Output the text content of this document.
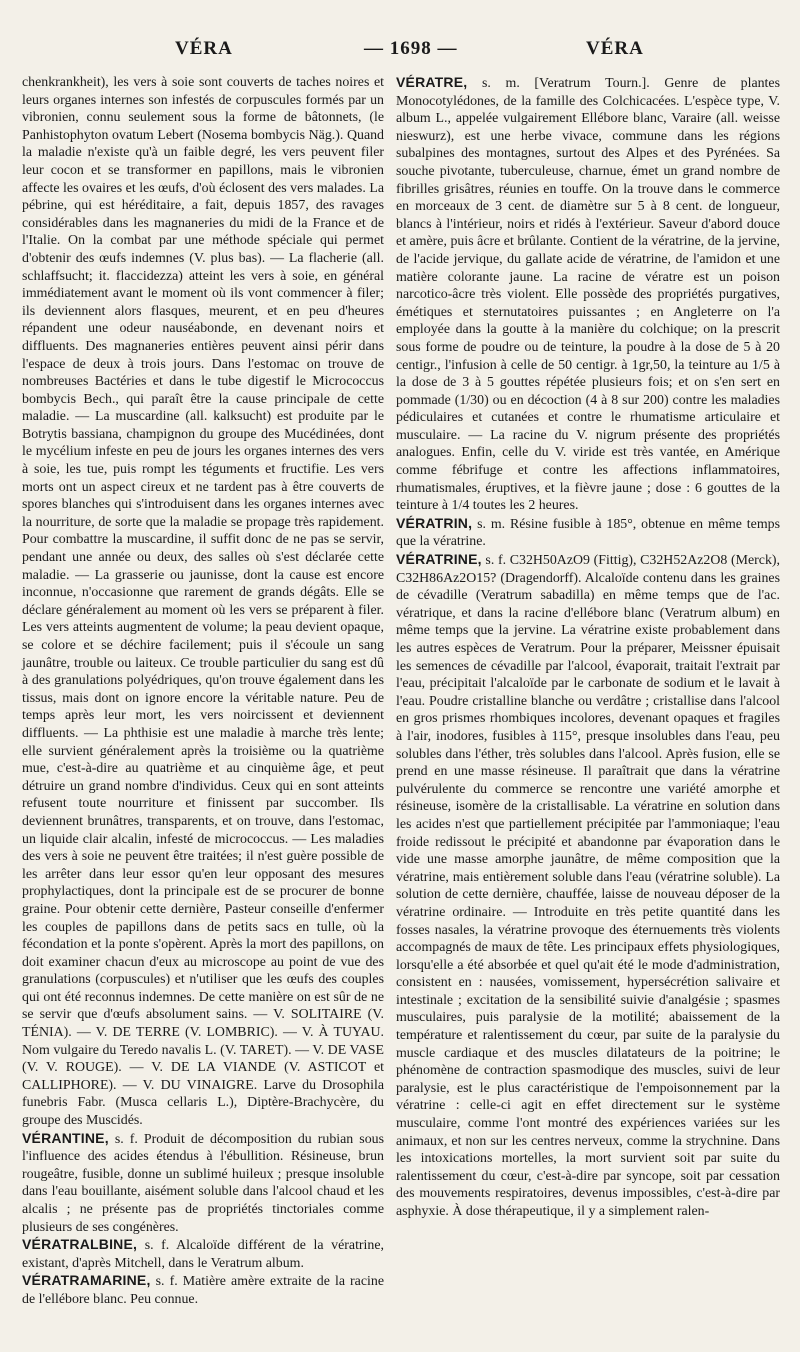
VÉRA	— 1698 —	VÉRA

chenkrankheit), les vers à soie sont couverts de taches noires et leurs organes internes son infestés de corpuscules formés par un vibronien, connu seulement sous la forme de bâtonnets, (le Panhistophyton ovatum Lebert (Nosema bombycis Näg.). Quand la maladie n'existe qu'à un faible degré, les vers peuvent filer leur cocon et se transformer en papillons, mais le vibronien affecte les ovaires et les œufs, d'où éclosent des vers malades. La pébrine, qui est héréditaire, a fait, depuis 1857, des ravages considérables dans les magnaneries du midi de la France et de l'Italie. On la combat par une méthode spéciale qui permet d'obtenir des œufs indemnes (V. plus bas). — La flacherie (all. schlaffsucht; it. flaccidezza) atteint les vers à soie, en général immédiatement avant le moment où ils vont commencer à filer; ils deviennent alors flasques, meurent, et en peu d'heures répandent une odeur nauséabonde, en devenant noirs et diffluents. Des magnaneries entières peuvent ainsi périr dans l'espace de deux à trois jours. Dans l'estomac on trouve de nombreuses Bactéries et dans le tube digestif le Micrococcus bombycis Bech., qui paraît être la cause principale de cette maladie. — La muscardine (all. kalksucht) est produite par le Botrytis bassiana, champignon du groupe des Mucédinées, dont le mycélium infeste en peu de jours les organes internes des vers à soie, les tue, puis rompt les téguments et fructifie. Les vers morts ont un aspect cireux et ne tardent pas à être couverts de spores blanches qui s'introduisent dans les organes internes avec la nourriture, de sorte que la maladie se propage très rapidement. Pour combattre la muscardine, il suffit donc de ne pas se servir, pendant une année ou deux, des salles où s'est déclarée cette maladie. — La grasserie ou jaunisse, dont la cause est encore inconnue, n'occasionne que rarement de grands dégâts. Elle se déclare généralement au moment où les vers se préparent à filer. Les vers atteints augmentent de volume; la peau devient opaque, se colore et se déchire facilement; puis il s'écoule un sang jaunâtre, trouble ou laiteux. Ce trouble particulier du sang est dû à des granulations polyédriques, qu'on trouve également dans les tissus, mais dont on ignore encore la véritable nature. Peu de temps après leur mort, les vers noircissent et deviennent diffluents. — La phthisie est une maladie à marche très lente; elle survient généralement après la troisième ou la quatrième mue, c'est-à-dire au quatrième et au cinquième âge, et peut détruire un grand nombre d'individus. Ceux qui en sont atteints refusent toute nourriture et finissent par succomber. Ils deviennent brunâtres, transparents, et on trouve, dans l'estomac, un liquide clair alcalin, infesté de micrococcus. — Les maladies des vers à soie ne peuvent être traitées; il n'est guère possible de les arrêter dans leur essor qu'en leur opposant des mesures prophylactiques, dont la principale est de se procurer de bonne graine. Pour obtenir cette dernière, Pasteur conseille d'enfermer les couples de papillons dans de petits sacs en tulle, où la fécondation et la ponte s'opèrent. Après la mort des papillons, on doit examiner chacun d'eux au microscope au point de vue des granulations (corpuscules) et n'utiliser que les œufs des couples qui ont été reconnus indemnes. De cette manière on est sûr de ne se servir que d'œufs absolument sains. — V. SOLITAIRE (V. TÉNIA). — V. DE TERRE (V. LOMBRIC). — V. À TUYAU. Nom vulgaire du Teredo navalis L. (V. TARET). — V. DE VASE (V. V. ROUGE). — V. DE LA VIANDE (V. ASTICOT et CALLIPHORE). — V. DU VINAIGRE. Larve du Drosophila funebris Fabr. (Musca cellaris L.), Diptère-Brachycère, du groupe des Muscidés.

VÉRANTINE, s. f. Produit de décomposition du rubian sous l'influence des acides étendus à l'ébullition. Résineuse, brun rougeâtre, fusible, donne un sublimé huileux ; presque insoluble dans l'eau bouillante, aisément soluble dans l'alcool chaud et les alcalis ; ne présente pas de propriétés tinctoriales comme plusieurs de ses congénères.

VÉRATRALBINE, s. f. Alcaloïde différent de la vératrine, existant, d'après Mitchell, dans le Veratrum album.

VÉRATRAMARINE, s. f. Matière amère extraite de la racine de l'ellébore blanc. Peu connue.

VÉRATRE, s. m. [Veratrum Tourn.]. Genre de plantes Monocotylédones, de la famille des Colchicacées. L'espèce type, V. album L., appelée vulgairement Ellébore blanc, Varaire (all. weisse nieswurz), est une herbe vivace, commune dans les régions subalpines des montagnes, surtout des Alpes et des Pyrénées. Sa souche pivotante, tuberculeuse, charnue, émet un grand nombre de fibrilles grisâtres, réunies en touffe. On la trouve dans le commerce en morceaux de 3 cent. de diamètre sur 5 à 8 cent. de longueur, blancs à l'intérieur, noirs et ridés à l'extérieur. Saveur d'abord douce et amère, puis âcre et brûlante. Contient de la vératrine, de la jervine, de l'acide jervique, du gallate acide de vératrine, de l'amidon et une matière colorante jaune. La racine de vératre est un poison narcotico-âcre très violent. Elle possède des propriétés purgatives, émétiques et sternutatoires puissantes ; en Angleterre on l'a employée dans la goutte à la manière du colchique; on la prescrit sous forme de poudre ou de teinture, la poudre à la dose de 5 à 20 centigr., l'infusion à celle de 50 centigr. à 1gr,50, la teinture au 1/5 à la dose de 3 à 5 gouttes répétée plusieurs fois; et on s'en sert en pommade (1/30) ou en décoction (4 à 8 sur 200) contre les maladies pédiculaires et cutanées et contre le rhumatisme articulaire et musculaire. — La racine du V. nigrum présente des propriétés analogues. Enfin, celle du V. viride est très vantée, en Amérique comme fébrifuge et contre les affections inflammatoires, rhumatismales, éruptives, et la fièvre jaune ; dose : 6 gouttes de la teinture à 1/4 toutes les 2 heures.

VÉRATRIN, s. m. Résine fusible à 185°, obtenue en même temps que la vératrine.

VÉRATRINE, s. f. C32H50AzO9 (Fittig), C32H52Az2O8 (Merck), C32H86Az2O15? (Dragendorff). Alcaloïde contenu dans les graines de cévadille (Veratrum sabadilla) en même temps que de l'ac. vératrique, et dans la racine d'ellébore blanc (Veratrum album) en même temps que la jervine. La vératrine existe probablement dans les autres espèces de Veratrum. Pour la préparer, Meissner épuisait les semences de cévadille par l'alcool, évaporait, traitait l'extrait par l'eau, précipitait l'alcaloïde par le carbonate de sodium et le lavait à l'eau. Poudre cristalline blanche ou verdâtre ; cristallise dans l'alcool en gros prismes rhombiques incolores, devenant opaques et fragiles à l'air, inodores, fusibles à 115°, presque insolubles dans l'eau, peu solubles dans l'éther, très solubles dans l'alcool. Après fusion, elle se prend en une masse résineuse. Il paraîtrait que dans la vératrine pulvérulente du commerce se rencontre une variété amorphe et résineuse, isomère de la cristallisable. La vératrine en solution dans les acides n'est que partiellement précipitée par l'ammoniaque; l'eau froide redissout le précipité et abandonne par évaporation dans le vide une masse amorphe jaunâtre, de même composition que la vératrine, mais entièrement soluble dans l'eau (vératrine soluble). La solution de cette dernière, chauffée, laisse de nouveau déposer de la vératrine ordinaire. — Introduite en très petite quantité dans les fosses nasales, la vératrine provoque des éternuements très violents accompagnés de maux de tête. Les principaux effets physiologiques, lorsqu'elle a été absorbée et quel qu'ait été le mode d'administration, consistent en : nausées, vomissement, hypersécrétion salivaire et intestinale ; excitation de la sensibilité suivie d'analgésie ; spasmes musculaires, puis paralysie de la motilité; abaissement de la température et ralentissement du cœur, par suite de la paralysie du muscle cardiaque et des muscles dilatateurs de la poitrine; le phénomène de contraction spasmodique des muscles, suivi de leur paralysie, est le plus caractéristique de l'empoisonnement par la vératrine : celle-ci agit en effet directement sur le système musculaire, comme l'ont montré des expériences variées sur les animaux, et non sur les centres nerveux, comme la strychnine. Dans les intoxications mortelles, la mort survient soit par suite du ralentissement du cœur, c'est-à-dire par syncope, soit par cessation des mouvements respiratoires, devenus impossibles, c'est-à-dire par asphyxie. À dose thérapeutique, il y a simplement ralen-
